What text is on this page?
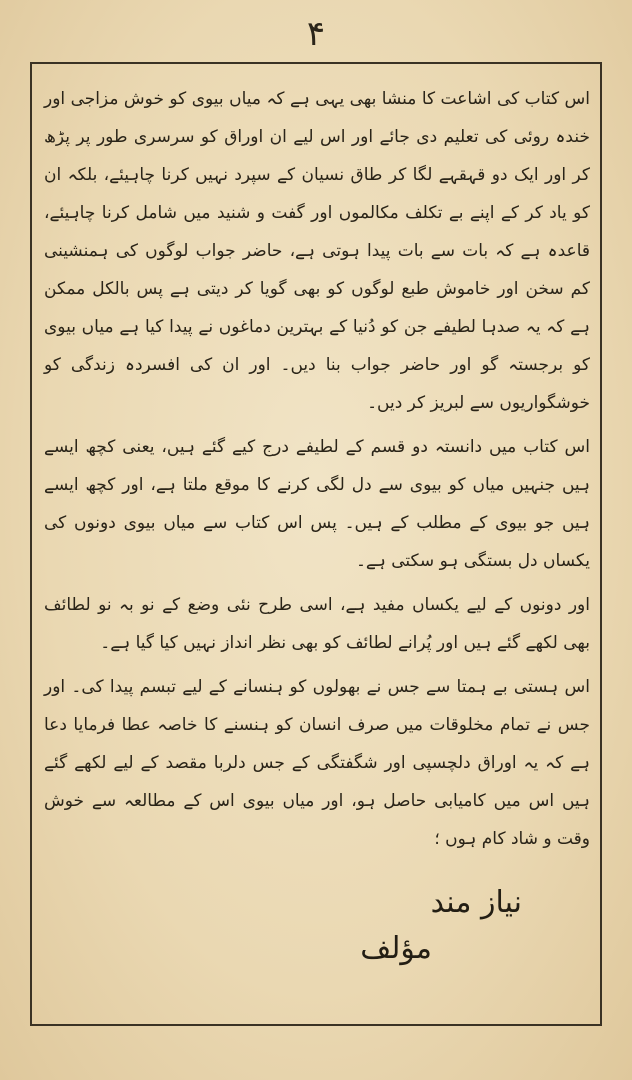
۴

اس کتاب کی اشاعت کا منشا بھی یہی ہے کہ میاں بیوی کو خوش مزاجی اور خندہ روئی کی تعلیم دی جائے اور اس لیے ان اوراق کو سرسری طور پر پڑھ کر اور ایک دو قہقہے لگا کر طاق نسیان کے سپرد نہیں کرنا چاہیئے، بلکہ ان کو یاد کر کے اپنے بے تکلف مکالموں اور گفت و شنید میں شامل کرنا چاہیئے، قاعدہ ہے کہ بات سے بات پیدا ہوتی ہے، حاضر جواب لوگوں کی ہمنشینی کم سخن اور خاموش طبع لوگوں کو بھی گویا کر دیتی ہے پس بالکل ممکن ہے کہ یہ صدہا لطیفے جن کو دُنیا کے بہترین دماغوں نے پیدا کیا ہے میاں بیوی کو برجستہ گو اور حاضر جواب بنا دیں۔ اور ان کی افسردہ زندگی کو خوشگواریوں سے لبریز کر دیں۔

اس کتاب میں دانستہ دو قسم کے لطیفے درج کیے گئے ہیں، یعنی کچھ ایسے ہیں جنہیں میاں کو بیوی سے دل لگی کرنے کا موقع ملتا ہے، اور کچھ ایسے ہیں جو بیوی کے مطلب کے ہیں۔ پس اس کتاب سے میاں بیوی دونوں کی یکساں دل بستگی ہو سکتی ہے۔

اور دونوں کے لیے یکساں مفید ہے، اسی طرح نئی وضع کے نو بہ نو لطائف بھی لکھے گئے ہیں اور پُرانے لطائف کو بھی نظر انداز نہیں کیا گیا ہے۔

اس ہستی بے ہمتا سے جس نے بھولوں کو ہنسانے کے لیے تبسم پیدا کی۔ اور جس نے تمام مخلوقات میں صرف انسان کو ہنسنے کا خاصہ عطا فرمایا دعا ہے کہ یہ اوراق دلچسپی اور شگفتگی کے جس دلربا مقصد کے لیے لکھے گئے ہیں اس میں کامیابی حاصل ہو، اور میاں بیوی اس کے مطالعہ سے خوش وقت و شاد کام ہوں ؛

نیاز مند
مؤلف
